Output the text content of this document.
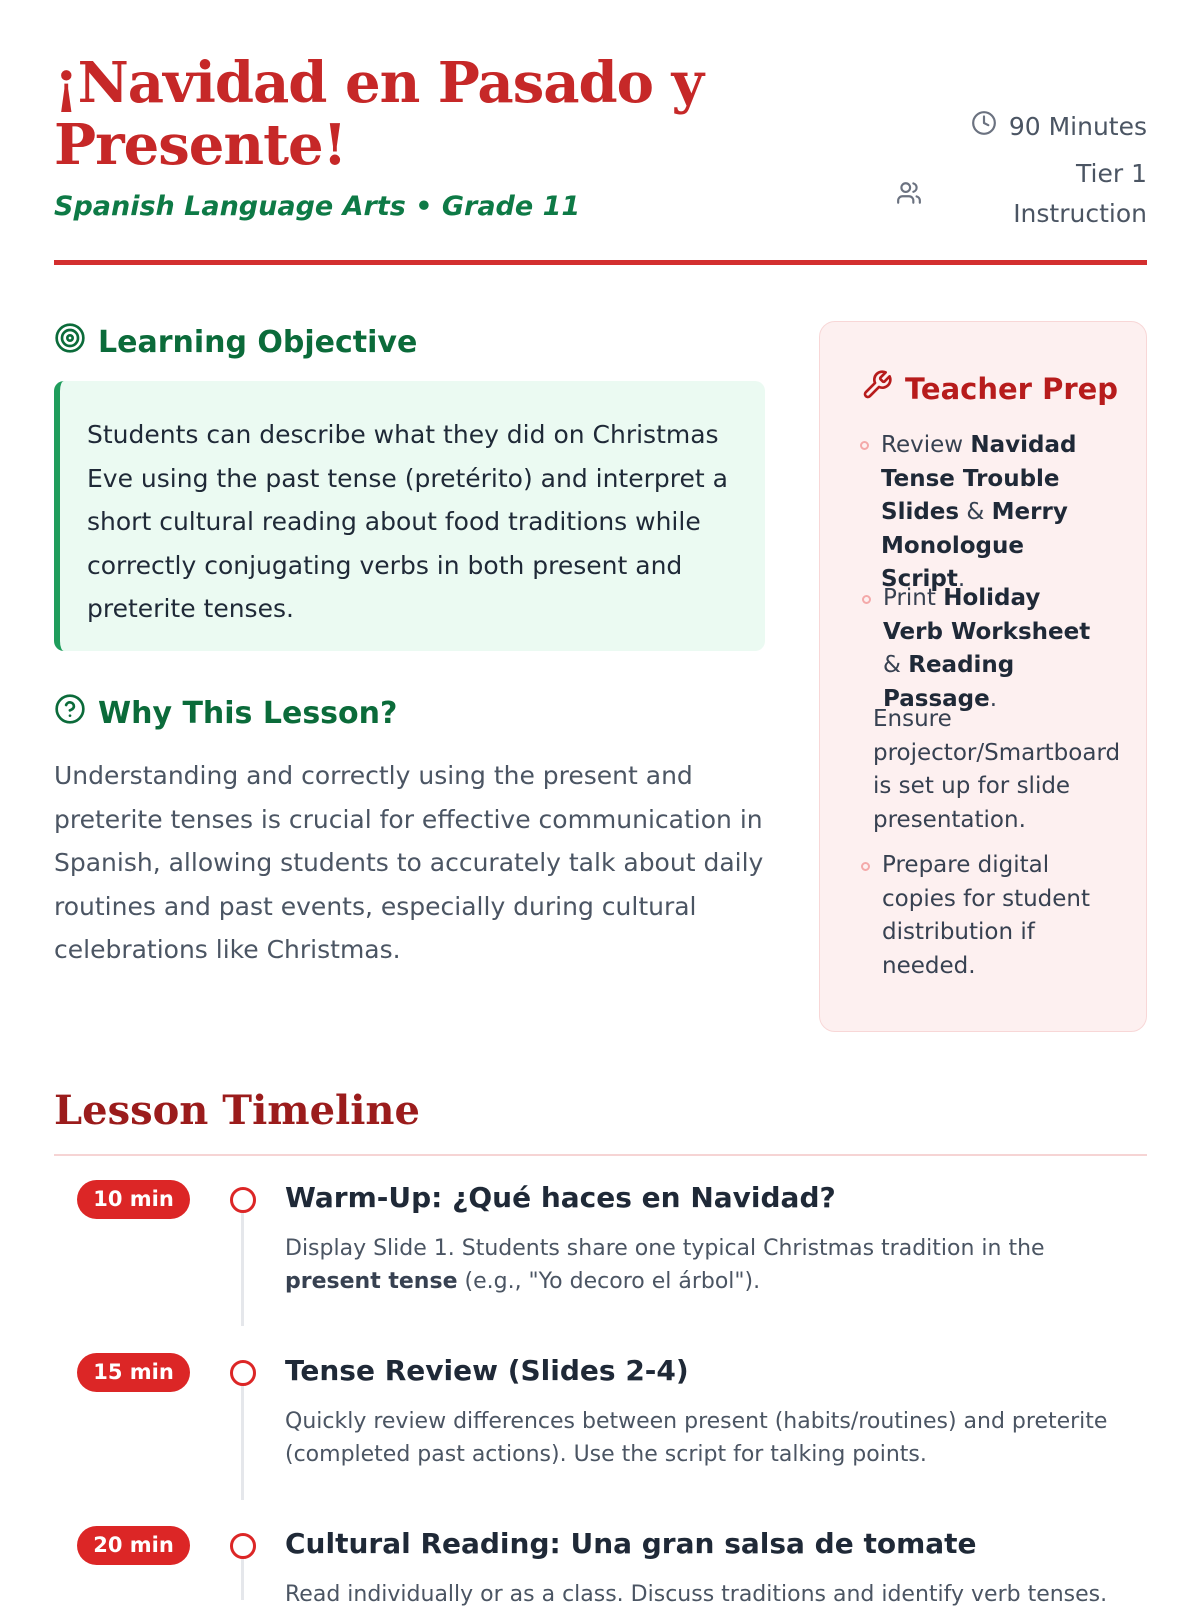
¡Navidad en Pasado y Presente!

Spanish Language Arts • Grade 11

90 Minutes
Tier 1 Instruction
Learning Objective
Students can describe what they did on Christmas Eve using the past tense (pretérito) and interpret a short cultural reading about food traditions while correctly conjugating verbs in both present and preterite tenses.
Why This Lesson?

Understanding and correctly using the present and preterite tenses is crucial for effective communication in Spanish, allowing students to accurately talk about daily routines and past events, especially during cultural celebrations like Christmas.

Teacher Prep
Review Navidad Tense Trouble Slides & Merry Monologue Script.
Print Holiday Verb Worksheet & Reading Passage.
Ensure projector/Smartboard is set up for slide presentation.
Prepare digital copies for student distribution if needed.
Lesson Timeline
10 min	Warm-Up: ¿Qué haces en Navidad?

Display Slide 1. Students share one typical Christmas tradition in the present tense (e.g., "Yo decoro el árbol").

15 min	Tense Review (Slides 2-4)

Quickly review differences between present (habits/routines) and preterite (completed past actions). Use the script for talking points.

20 min	Cultural Reading: Una gran salsa de tomate

Read individually or as a class. Discuss traditions and identify verb tenses.
